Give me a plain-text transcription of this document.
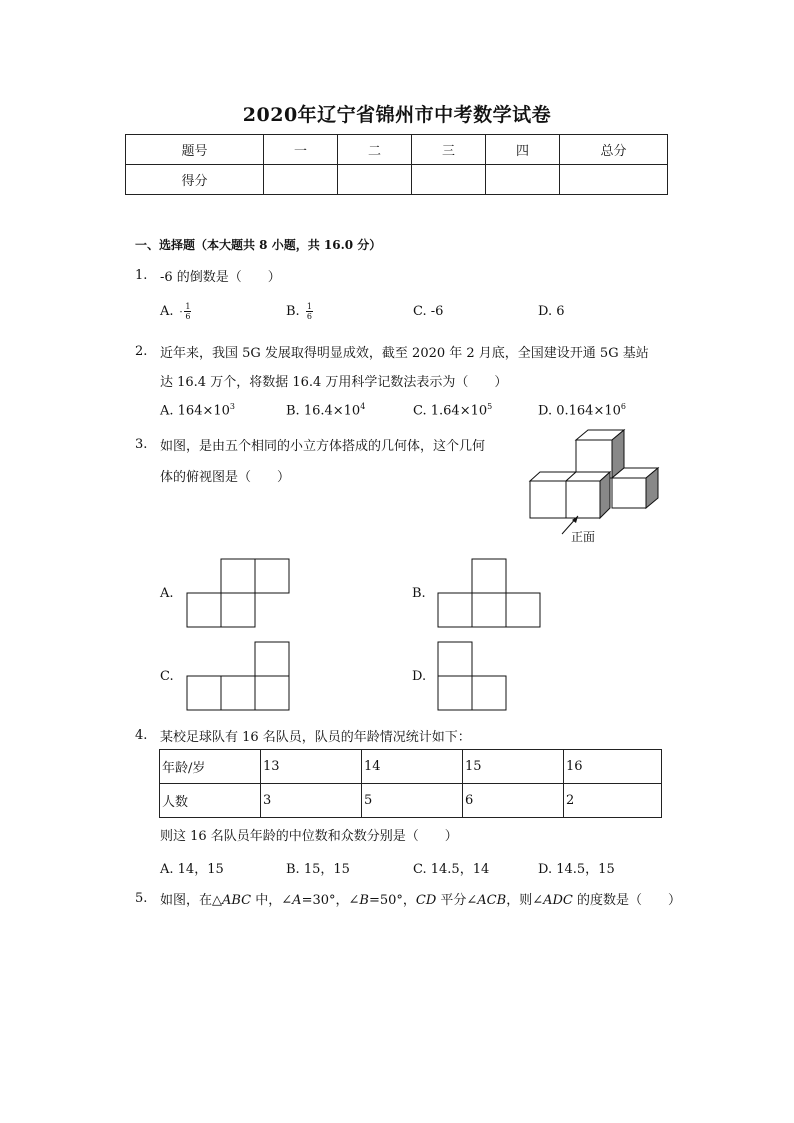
2020年辽宁省锦州市中考数学试卷
题号	一	二	三	四	总分
得分					
一、选择题（本大题共 8 小题，共 16.0 分）
1. -6 的倒数是（　　）
A. - $\frac{1}{6}$	B. $\frac{1}{6}$	C. -6	D. 6
2. 近年来，我国 5G 发展取得明显成效，截至 2020 年 2 月底，全国建设开通 5G 基站
达 16.4 万个，将数据 16.4 万用科学记数法表示为（　　）
A. $164\times 10^3$	B. $16.4\times 10^4$	C. $1.64\times 10^5$	D. $0.164\times 10^6$
3. 如图，是由五个相同的小立方体搭成的几何体，这个几何
体的俯视图是（　　）
正面
A.	B.
C.	D.
4. 某校足球队有 16 名队员，队员的年龄情况统计如下：
年龄/岁	13	14	15	16
人数	3	5	6	2
则这 16 名队员年龄的中位数和众数分别是（　　）
A. 14，15	B. 15，15	C. 14.5，14	D. 14.5，15
5. 如图，在△ABC 中，∠A=30°，∠B=50°，CD 平分∠ACB，则∠ADC 的度数是（　　）
